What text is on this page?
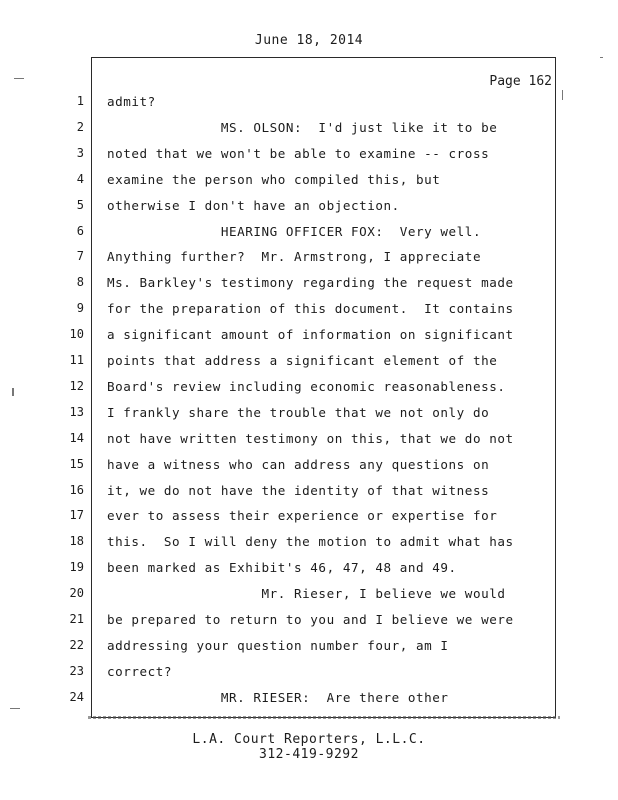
June 18, 2014
Page 162
1 admit?
2 MS. OLSON:  I'd just like it to be
3 noted that we won't be able to examine -- cross
4 examine the person who compiled this, but
5 otherwise I don't have an objection.
6 HEARING OFFICER FOX:  Very well.
7 Anything further?  Mr. Armstrong, I appreciate
8 Ms. Barkley's testimony regarding the request made
9 for the preparation of this document.  It contains
10 a significant amount of information on significant
11 points that address a significant element of the
12 Board's review including economic reasonableness.
13 I frankly share the trouble that we not only do
14 not have written testimony on this, that we do not
15 have a witness who can address any questions on
16 it, we do not have the identity of that witness
17 ever to assess their experience or expertise for
18 this.  So I will deny the motion to admit what has
19 been marked as Exhibit's 46, 47, 48 and 49.
20 Mr. Rieser, I believe we would
21 be prepared to return to you and I believe we were
22 addressing your question number four, am I
23 correct?
24 MR. RIESER:  Are there other
L.A. Court Reporters, L.L.C.
312-419-9292
